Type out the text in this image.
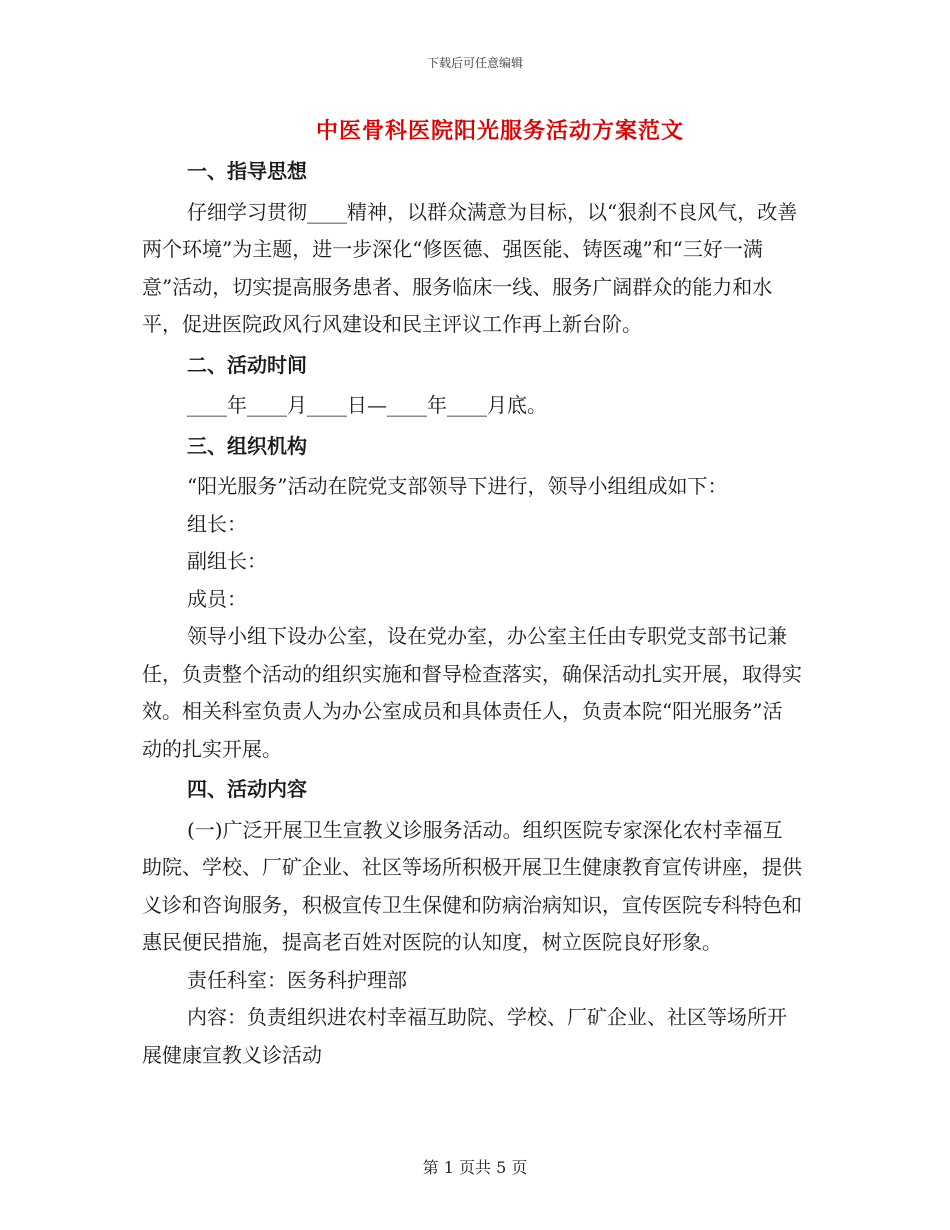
下载后可任意编辑
中医骨科医院阳光服务活动方案范文

一、指导思想

仔细学习贯彻____精神，以群众满意为目标，以“狠刹不良风气，改善两个环境”为主题，进一步深化“修医德、强医能、铸医魂”和“三好一满意”活动，切实提高服务患者、服务临床一线、服务广阔群众的能力和水平，促进医院政风行风建设和民主评议工作再上新台阶。

二、活动时间

____年____月____日—____年____月底。

三、组织机构

“阳光服务”活动在院党支部领导下进行，领导小组组成如下：

组长：

副组长：

成员：

领导小组下设办公室，设在党办室，办公室主任由专职党支部书记兼任，负责整个活动的组织实施和督导检查落实，确保活动扎实开展，取得实效。相关科室负责人为办公室成员和具体责任人，负责本院“阳光服务”活动的扎实开展。

四、活动内容

(一)广泛开展卫生宣教义诊服务活动。组织医院专家深化农村幸福互助院、学校、厂矿企业、社区等场所积极开展卫生健康教育宣传讲座，提供义诊和咨询服务，积极宣传卫生保健和防病治病知识，宣传医院专科特色和惠民便民措施，提高老百姓对医院的认知度，树立医院良好形象。

责任科室：医务科护理部

内容：负责组织进农村幸福互助院、学校、厂矿企业、社区等场所开展健康宣教义诊活动

第 1 页共 5 页
